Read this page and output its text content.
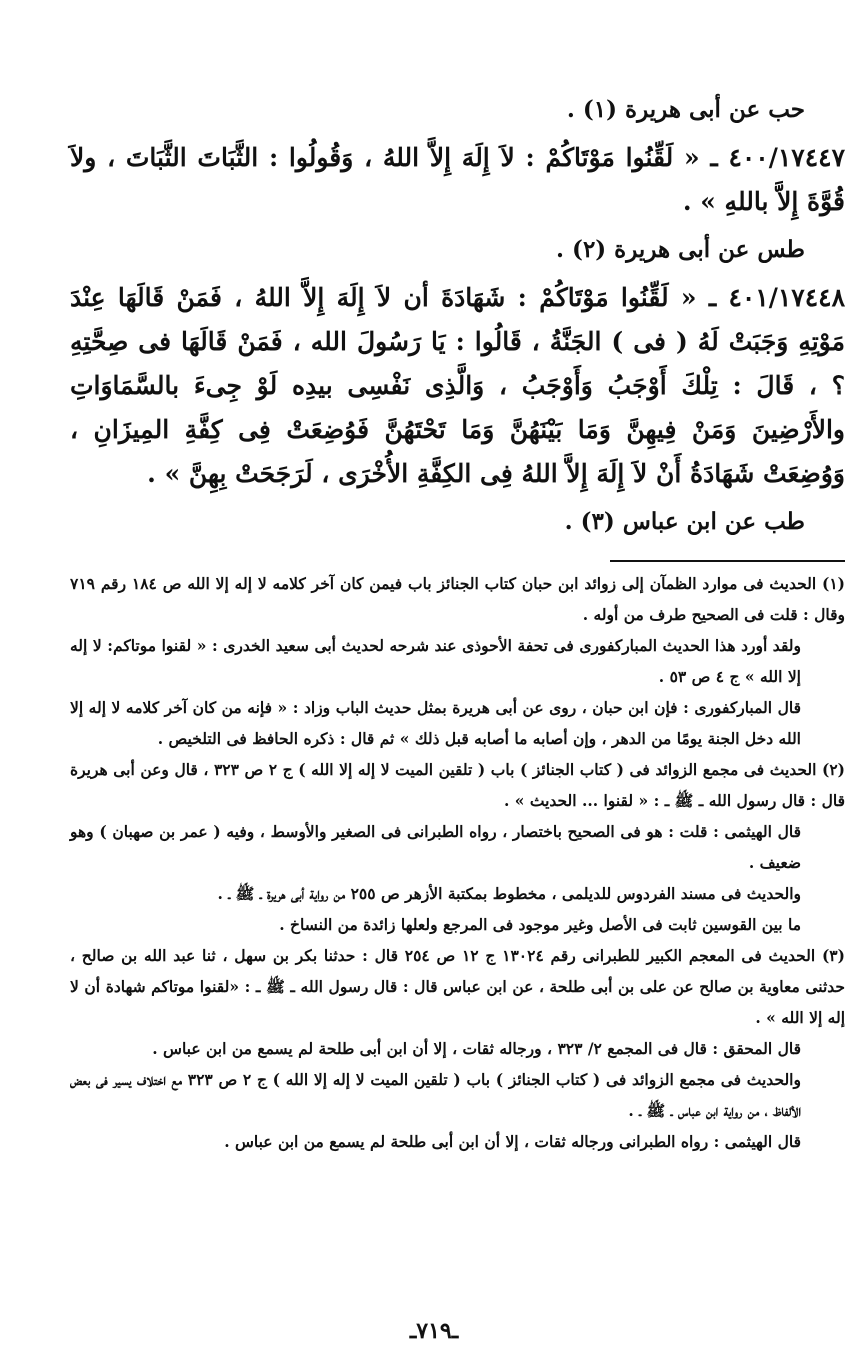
حب عن أبى هريرة (١) .

٤٠٠/١٧٤٤٧ ـ « لَقِّنُوا مَوْتَاكُمْ : لاَ إِلَهَ إِلاَّ اللهُ ، وَقُولُوا : الثَّبَاتَ الثَّبَاتَ ، ولاَ قُوَّةَ إِلاَّ باللهِ » .

طس عن أبى هريرة (٢) .

٤٠١/١٧٤٤٨ ـ « لَقِّنُوا مَوْتَاكُمْ : شَهَادَةَ أن لاَ إِلَهَ إِلاَّ اللهُ ، فَمَنْ قَالَهَا عِنْدَ مَوْتِهِ وَجَبَتْ لَهُ ( فى ) الجَنَّةُ ، قَالُوا : يَا رَسُولَ الله ، فَمَنْ قَالَهَا فى صِحَّتِهِ ؟ ، قَالَ : تِلْكَ أَوْجَبُ وَأَوْجَبُ ، وَالَّذِى نَفْسِى بيدِه لَوْ جِىءَ بالسَّمَاوَاتِ والأَرْضِينَ وَمَنْ فِيهِنَّ وَمَا بَيْنَهُنَّ وَمَا تَحْتَهُنَّ فَوُضِعَتْ فِى كِفَّةِ المِيزَانِ ، وَوُضِعَتْ شَهَادَةُ أَنْ لاَ إِلَهَ إِلاَّ اللهُ فِى الكِفَّةِ الأُخْرَى ، لَرَجَحَتْ بِهِنَّ » .

طب عن ابن عباس (٣) .

(١) الحديث فى موارد الظمآن إلى زوائد ابن حبان كتاب الجنائز باب فيمن كان آخر كلامه لا إله إلا الله ص ١٨٤ رقم ٧١٩ وقال : قلت فى الصحيح طرف من أوله .

ولقد أورد هذا الحديث المباركفورى فى تحفة الأحوذى عند شرحه لحديث أبى سعيد الخدرى : « لقنوا موتاكم: لا إله إلا الله » ج ٤ ص ٥٣ .

قال المباركفورى : فإن ابن حبان ، روى عن أبى هريرة بمثل حديث الباب وزاد : « فإنه من كان آخر كلامه لا إله إلا الله دخل الجنة يومًا من الدهر ، وإن أصابه ما أصابه قبل ذلك » ثم قال : ذكره الحافظ فى التلخيص .

(٢) الحديث فى مجمع الزوائد فى ( كتاب الجنائز ) باب ( تلقين الميت لا إله إلا الله ) ج ٢ ص ٣٢٣ ، قال وعن أبى هريرة قال : قال رسول الله ـ ﷺ ـ : « لقنوا ... الحديث » .

قال الهيثمى : قلت : هو فى الصحيح باختصار ، رواه الطبرانى فى الصغير والأوسط ، وفيه ( عمر بن صهبان ) وهو ضعيف .

والحديث فى مسند الفردوس للديلمى ، مخطوط بمكتبة الأزهر ص ٢٥٥ من رواية أبى هريرة ـ ﷺ ـ .

ما بين القوسين ثابت فى الأصل وغير موجود فى المرجع ولعلها زائدة من النساخ .

(٣) الحديث فى المعجم الكبير للطبرانى رقم ١٣٠٢٤ ج ١٢ ص ٢٥٤ قال : حدثنا بكر بن سهل ، ثنا عبد الله بن صالح ، حدثنى معاوية بن صالح عن على بن أبى طلحة ، عن ابن عباس قال : قال رسول الله ـ ﷺ ـ : «لقنوا موتاكم شهادة أن لا إله إلا الله » .

قال المحقق : قال فى المجمع ٢/ ٣٢٣ ، ورجاله ثقات ، إلا أن ابن أبى طلحة لم يسمع من ابن عباس .

والحديث فى مجمع الزوائد فى ( كتاب الجنائز ) باب ( تلقين الميت لا إله إلا الله ) ج ٢ ص ٣٢٣ مع اختلاف يسير فى بعض الألفاظ ، من رواية ابن عباس ـ ﷺ ـ .

قال الهيثمى : رواه الطبرانى ورجاله ثقات ، إلا أن ابن أبى طلحة لم يسمع من ابن عباس .

ـ٧١٩ـ
